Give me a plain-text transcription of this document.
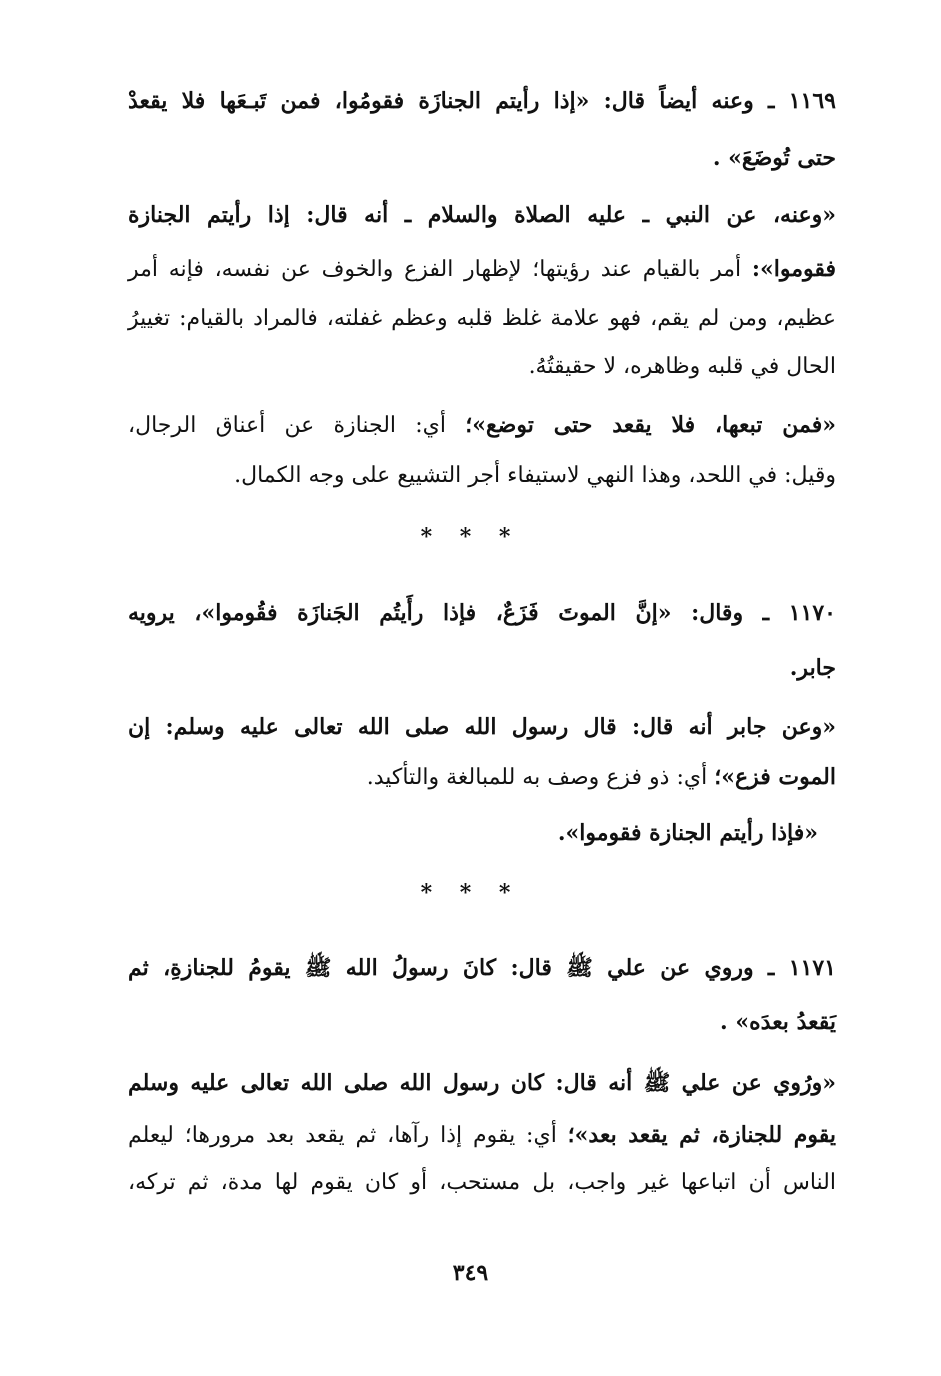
١١٦٩ ـ وعنه أيضاً قال: «إذا رأيتم الجنازَة فقومُوا، فمن تَبـعَها فلا يقعدْ
حتى تُوضَعَ» .
«وعنه، عن النبي ـ عليه الصلاة والسلام ـ أنه قال: إذا رأيتم الجنازة
فقوموا»: أمر بالقيام عند رؤيتها؛ لإظهار الفزع والخوف عن نفسه، فإنه أمر
عظيم، ومن لم يقم، فهو علامة غلظ قلبه وعظم غفلته، فالمراد بالقيام: تغييرُ
الحال في قلبه وظاهره، لا حقيقتُهُ.
«فمن تبعها، فلا يقعد حتى توضع»؛ أي: الجنازة عن أعناق الرجال،
وقيل: في اللحد، وهذا النهي لاستيفاء أجر التشييع على وجه الكمال.
١١٧٠ ـ وقال: «إنَّ الموتَ فَزَعٌ، فإذا رأَيتُم الجَنازَة فقُوموا»، يرويه
جابر.
«وعن جابر أنه قال: قال رسول الله صلى الله تعالى عليه وسلم: إن
الموت فزع»؛ أي: ذو فزع وصف به للمبالغة والتأكيد.
«فإذا رأيتم الجنازة فقوموا».
١١٧١ ـ وروي عن علي ﷺ قال: كانَ رسولُ الله ﷺ يقومُ للجنازةِ، ثم
يَقعدُ بعدَه» .
«ورُوي عن علي ﷺ أنه قال: كان رسول الله صلى الله تعالى عليه وسلم
يقوم للجنازة، ثم يقعد بعد»؛ أي: يقوم إذا رآها، ثم يقعد بعد مرورها؛ ليعلم
الناس أن اتباعها غير واجب، بل مستحب، أو كان يقوم لها مدة، ثم تركه،
* * *
* * *
٣٤٩
